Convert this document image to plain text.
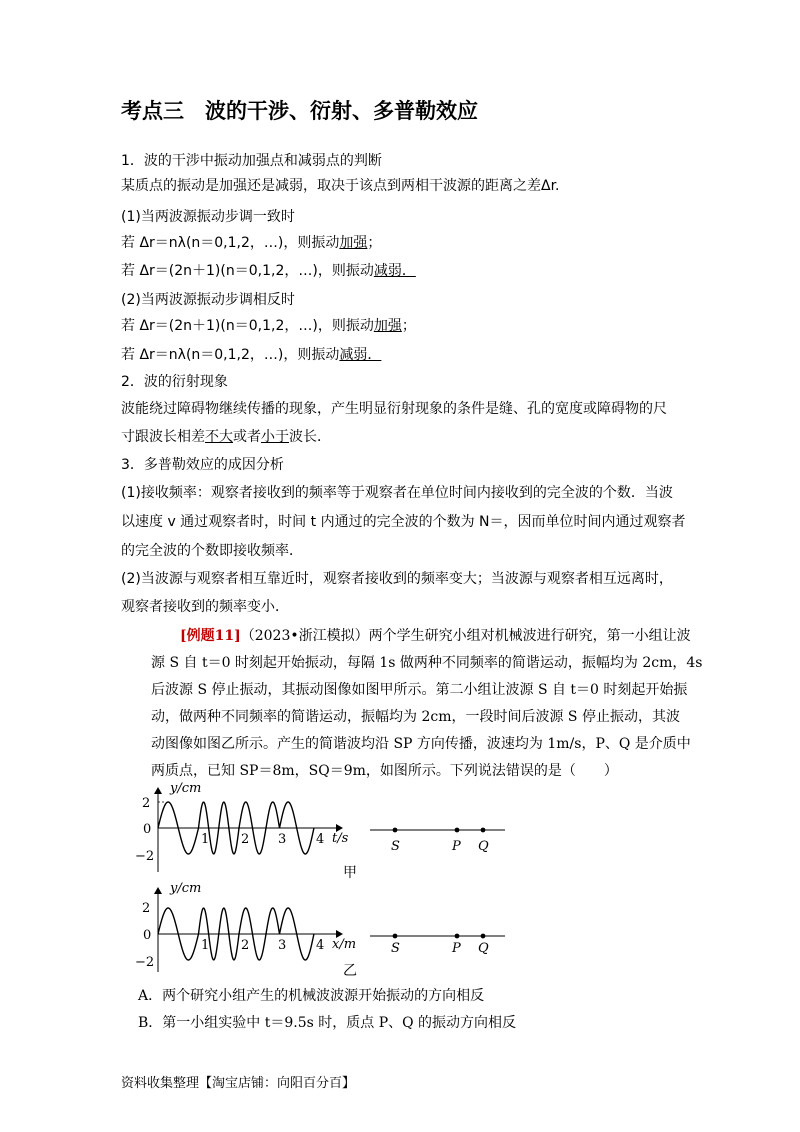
考点三　波的干涉、衍射、多普勒效应
1．波的干涉中振动加强点和减弱点的判断
某质点的振动是加强还是减弱，取决于该点到两相干波源的距离之差Δr.
(1)当两波源振动步调一致时
若 Δr＝nλ(n＝0,1,2，…)，则振动加强；
若 Δr＝(2n＋1)(n＝0,1,2，…)，则振动减弱．
(2)当两波源振动步调相反时
若 Δr＝(2n＋1)(n＝0,1,2，…)，则振动加强；
若 Δr＝nλ(n＝0,1,2，…)，则振动减弱．
2．波的衍射现象
波能绕过障碍物继续传播的现象，产生明显衍射现象的条件是缝、孔的宽度或障碍物的尺
寸跟波长相差不大或者小于波长．
3．多普勒效应的成因分析
(1)接收频率：观察者接收到的频率等于观察者在单位时间内接收到的完全波的个数．当波
以速度 v 通过观察者时，时间 t 内通过的完全波的个数为 N＝，因而单位时间内通过观察者
的完全波的个数即接收频率．
(2)当波源与观察者相互靠近时，观察者接收到的频率变大；当波源与观察者相互远离时，
观察者接收到的频率变小．
[例题11]（2023•浙江模拟）两个学生研究小组对机械波进行研究，第一小组让波
源 S 自 t＝0 时刻起开始振动，每隔 1s 做两种不同频率的简谐运动，振幅均为 2cm，4s
后波源 S 停止振动，其振动图像如图甲所示。第二小组让波源 S 自 t＝0 时刻起开始振
动，做两种不同频率的简谐运动，振幅均为 2cm，一段时间后波源 S 停止振动，其波
动图像如图乙所示。产生的简谐波均沿 SP 方向传播，波速均为 1m/s，P、Q 是介质中
两质点，已知 SP＝8m，SQ＝9m，如图所示。下列说法错误的是（　　）
y/cm
2
0
−2
1 2 3 4 t/s
S	P Q
甲
y/cm
2
0
−2
1 2 3 4 x/m	S	P Q
乙
A．两个研究小组产生的机械波波源开始振动的方向相反
B．第一小组实验中 t＝9.5s 时，质点 P、Q 的振动方向相反
资料收集整理【淘宝店铺：向阳百分百】
